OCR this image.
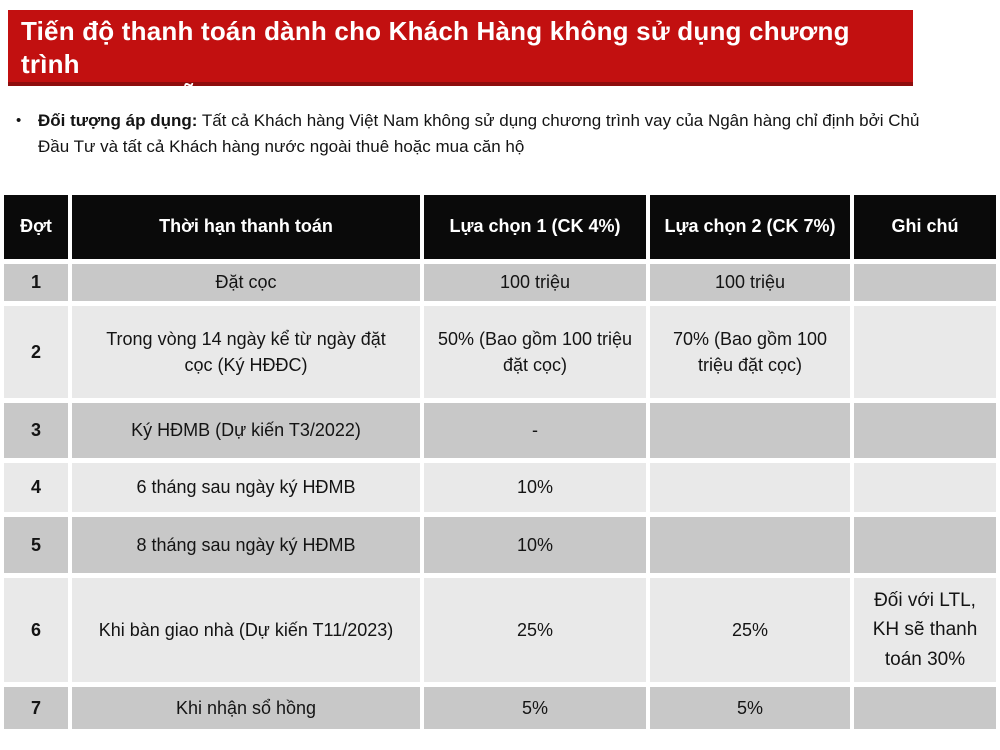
Tiến độ thanh toán dành cho Khách Hàng không sử dụng chương trình
Ngân hàng hỗ trợ và Khách hàng nước ngoài
• Đối tượng áp dụng: Tất cả Khách hàng Việt Nam không sử dụng chương trình vay của Ngân hàng chỉ định bởi Chủ Đầu Tư và tất cả Khách hàng nước ngoài thuê hoặc mua căn hộ

Đợt	Thời hạn thanh toán	Lựa chọn 1 (CK 4%)	Lựa chọn 2 (CK 7%)	Ghi chú
1	Đặt cọc	100 triệu	100 triệu	
2	Trong vòng 14 ngày kể từ ngày đặt cọc (Ký HĐĐC)	50% (Bao gồm 100 triệu đặt cọc)	70% (Bao gồm 100 triệu đặt cọc)	
3	Ký HĐMB (Dự kiến T3/2022)	-		
4	6 tháng sau ngày ký HĐMB	10%		
5	8 tháng sau ngày ký HĐMB	10%		
6	Khi bàn giao nhà (Dự kiến T11/2023)	25%	25%	Đối với LTL, KH sẽ thanh toán 30%
7	Khi nhận sổ hồng	5%	5%	
